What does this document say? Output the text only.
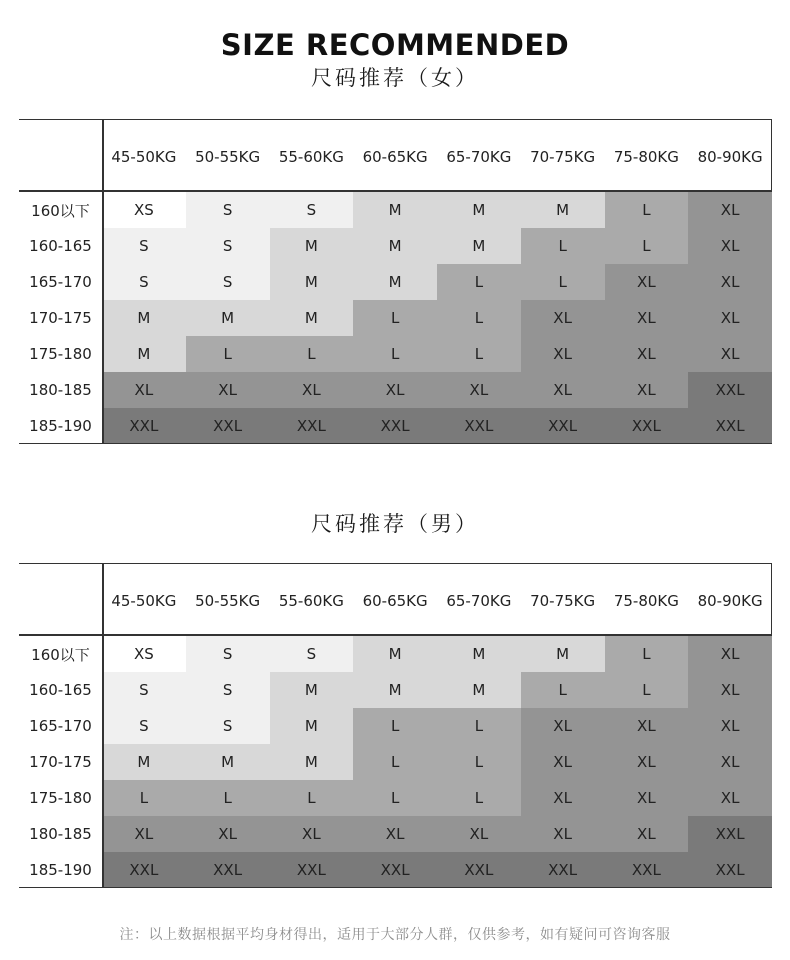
SIZE RECOMMENDED
尺码推荐（女）
	45-50KG	50-55KG	55-60KG	60-65KG	65-70KG	70-75KG	75-80KG	80-90KG
160以下	XS	S	S	M	M	M	L	XL
160-165	S	S	M	M	M	L	L	XL
165-170	S	S	M	M	L	L	XL	XL
170-175	M	M	M	L	L	XL	XL	XL
175-180	M	L	L	L	L	XL	XL	XL
180-185	XL	XL	XL	XL	XL	XL	XL	XXL
185-190	XXL	XXL	XXL	XXL	XXL	XXL	XXL	XXL
尺码推荐（男）
	45-50KG	50-55KG	55-60KG	60-65KG	65-70KG	70-75KG	75-80KG	80-90KG
160以下	XS	S	S	M	M	M	L	XL
160-165	S	S	M	M	M	L	L	XL
165-170	S	S	M	L	L	XL	XL	XL
170-175	M	M	M	L	L	XL	XL	XL
175-180	L	L	L	L	L	XL	XL	XL
180-185	XL	XL	XL	XL	XL	XL	XL	XXL
185-190	XXL	XXL	XXL	XXL	XXL	XXL	XXL	XXL
注：以上数据根据平均身材得出，适用于大部分人群，仅供参考，如有疑问可咨询客服
